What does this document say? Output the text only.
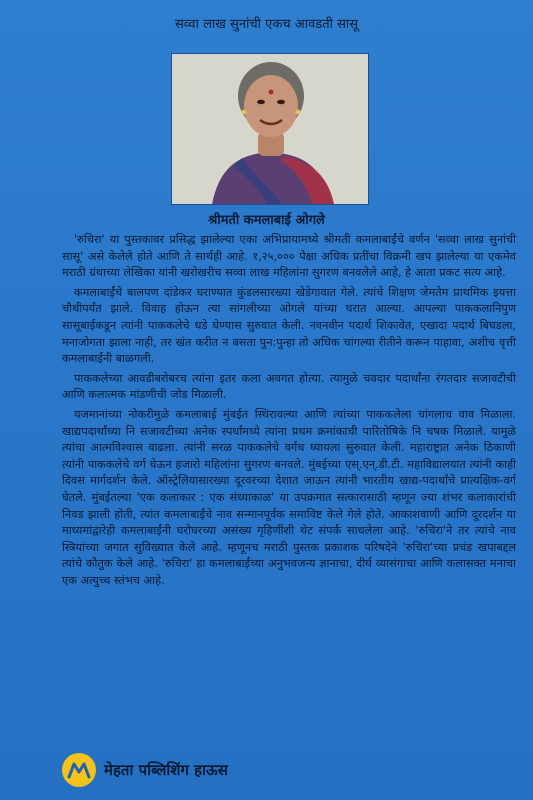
सव्वा लाख सुनांची एकच आवडती सासू
श्रीमती कमलाबाई ओगले

'रुचिरा' या पुस्तकावर प्रसिद्ध झालेल्या एका अभिप्रायामध्ये श्रीमती कमलाबाईंचे वर्णन 'सव्वा लाख सुनांची सासू' असे केलेले होते आणि ते सार्थही आहे. १,२५,००० पेक्षा अधिक प्रतींचा विक्रमी खप झालेल्या या एकमेव मराठी ग्रंथाच्या लेखिका यांनी खरोखरीच सव्वा लाख महिलांना सुगरण बनवलेले आहे, हे आता प्रकट सत्य आहे.

कमलाबाईंचे बालपण दांडेकर घराण्यात कुंडलसारख्या खेडेगावात गेले. त्यांचे शिक्षण जेमतेम प्राथमिक इयत्ता चौथीपर्यंत झाले. विवाह होऊन त्या सांगलीच्या ओगले यांच्या घरात आल्या. आपल्या पाककलानिपुण सासूबाईकडून त्यांनी पाककलेचे धडे घेण्यास सुरुवात केली. नवनवीन पदार्थ शिकावेत, एखादा पदार्थ बिघडला, मनाजोगता झाला नाही, तर खंत करीत न बसता पुन:पुन्हा तो अधिक चांगल्या रीतीने करून पाहावा, अशीच वृत्ती कमलाबाईंनी बाळगली.

पाककलेच्या आवडीबरोबरच त्यांना इतर कला अवगत होत्या. त्यामुळे चवदार पदार्थांना रंगतदार सजावटीची आणि कलात्मक मांडणीची जोड मिळाली.

यजमानांच्या नोकरीमुळे कमलाबाई मुंबईत स्थिरावल्या आणि त्यांच्या पाककलेला चांगलाच वाव मिळाला. खाद्यपदार्थांच्या नि सजावटीच्या अनेक स्पर्धांमध्ये त्यांना प्रथम क्रमांकाची पारितोषिके नि चषक मिळाले. यामुळे त्यांचा आत्मविश्वास वाढला. त्यांनी सरळ पाककलेचे वर्गच घ्यायला सुरुवात केली. महाराष्ट्रात अनेक ठिकाणी त्यांनी पाककलेचे वर्ग घेऊन हजारो महिलांना सुगरण बनवले. मुंबईच्या एस्.एन्.डी.टी. महाविद्यालयात त्यांनी काही दिवस मार्गदर्शन केले. ऑस्ट्रेलियासारख्या दूरवरच्या देशात जाऊन त्यांनी भारतीय खाद्य-पदार्थांचे प्रात्यक्षिक-वर्ग घेतले. मुंबईतल्या 'एक कलाकार : एक संध्याकाळ' या उपक्रमात सत्कारासाठी म्हणून ज्या शंभर कलाकारांची निवड झाली होती, त्यांत कमलाबाईंचे नाव सन्मानपूर्वक समाविष्ट केले गेले होते. आकाशवाणी आणि दूरदर्शन या माध्यमांद्वारेही कमलाबाईंनी घरोघरच्या असंख्य गृहिणींशी थेट संपर्क साधलेला आहे. 'रुचिरा'ने तर त्यांचे नाव स्त्रियांच्या जगात सुविख्यात केले आहे. म्हणूनच मराठी पुस्तक प्रकाशक परिषदेने 'रुचिरा'च्या प्रचंड खपाबद्दल त्यांचे कौतुक केले आहे. 'रुचिरा' हा कमलाबाईंच्या अनुभवजन्य ज्ञानाचा, दीर्घ व्यासंगाचा आणि कलासक्त मनाचा एक अत्युच्च स्तंभच आहे.

मेहता पब्लिशिंग हाऊस
